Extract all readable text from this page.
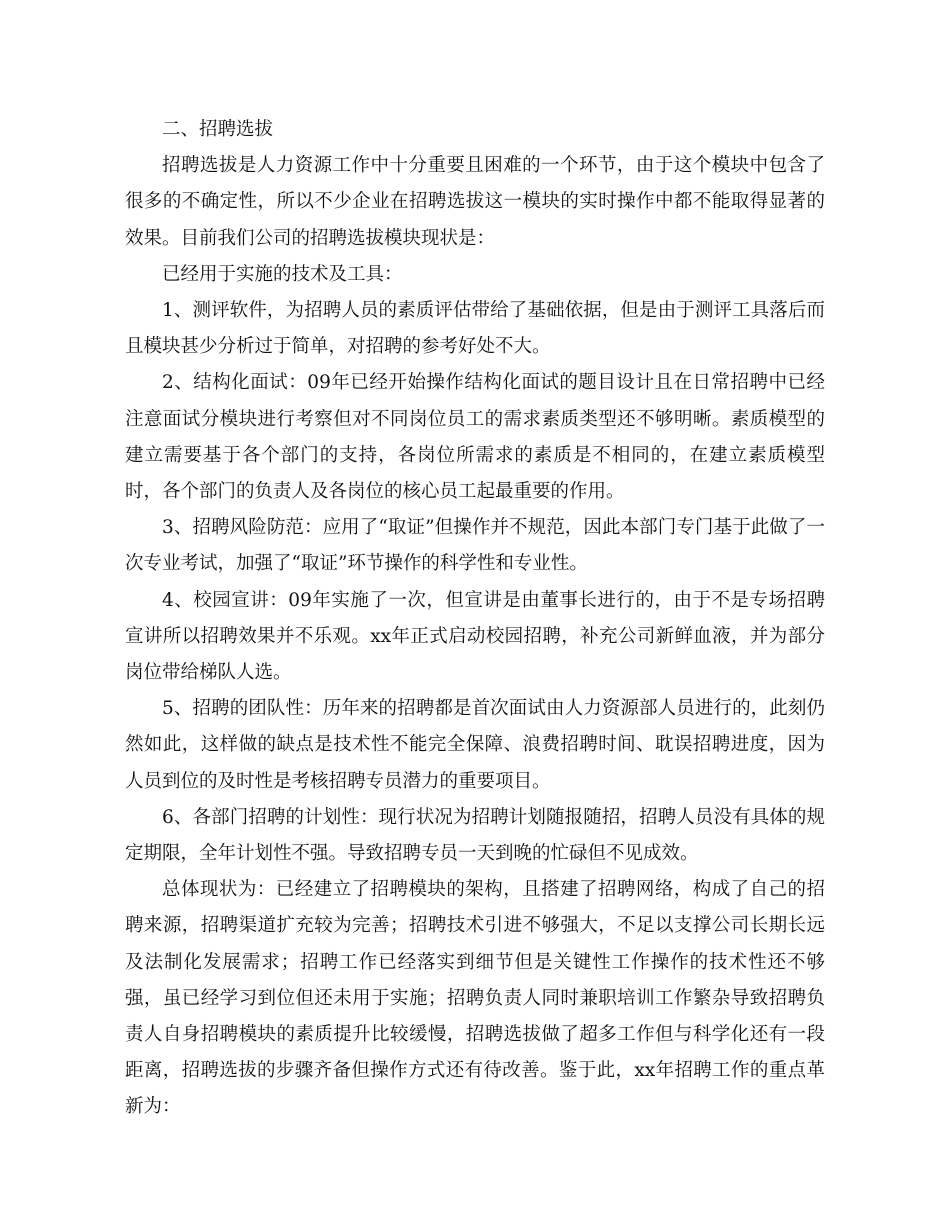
二、招聘选拔

招聘选拔是人力资源工作中十分重要且困难的一个环节，由于这个模块中包含了很多的不确定性，所以不少企业在招聘选拔这一模块的实时操作中都不能取得显著的效果。目前我们公司的招聘选拔模块现状是：

已经用于实施的技术及工具：

1、测评软件，为招聘人员的素质评估带给了基础依据，但是由于测评工具落后而且模块甚少分析过于简单，对招聘的参考好处不大。

2、结构化面试：09年已经开始操作结构化面试的题目设计且在日常招聘中已经注意面试分模块进行考察但对不同岗位员工的需求素质类型还不够明晰。素质模型的建立需要基于各个部门的支持，各岗位所需求的素质是不相同的，在建立素质模型时，各个部门的负责人及各岗位的核心员工起最重要的作用。

3、招聘风险防范：应用了“取证”但操作并不规范，因此本部门专门基于此做了一次专业考试，加强了“取证”环节操作的科学性和专业性。

4、校园宣讲：09年实施了一次，但宣讲是由董事长进行的，由于不是专场招聘宣讲所以招聘效果并不乐观。xx年正式启动校园招聘，补充公司新鲜血液，并为部分岗位带给梯队人选。

5、招聘的团队性：历年来的招聘都是首次面试由人力资源部人员进行的，此刻仍然如此，这样做的缺点是技术性不能完全保障、浪费招聘时间、耽误招聘进度，因为人员到位的及时性是考核招聘专员潜力的重要项目。

6、各部门招聘的计划性：现行状况为招聘计划随报随招，招聘人员没有具体的规定期限，全年计划性不强。导致招聘专员一天到晚的忙碌但不见成效。

总体现状为：已经建立了招聘模块的架构，且搭建了招聘网络，构成了自己的招聘来源，招聘渠道扩充较为完善；招聘技术引进不够强大，不足以支撑公司长期长远及法制化发展需求；招聘工作已经落实到细节但是关键性工作操作的技术性还不够强，虽已经学习到位但还未用于实施；招聘负责人同时兼职培训工作繁杂导致招聘负责人自身招聘模块的素质提升比较缓慢，招聘选拔做了超多工作但与科学化还有一段距离，招聘选拔的步骤齐备但操作方式还有待改善。鉴于此，xx年招聘工作的重点革新为：
